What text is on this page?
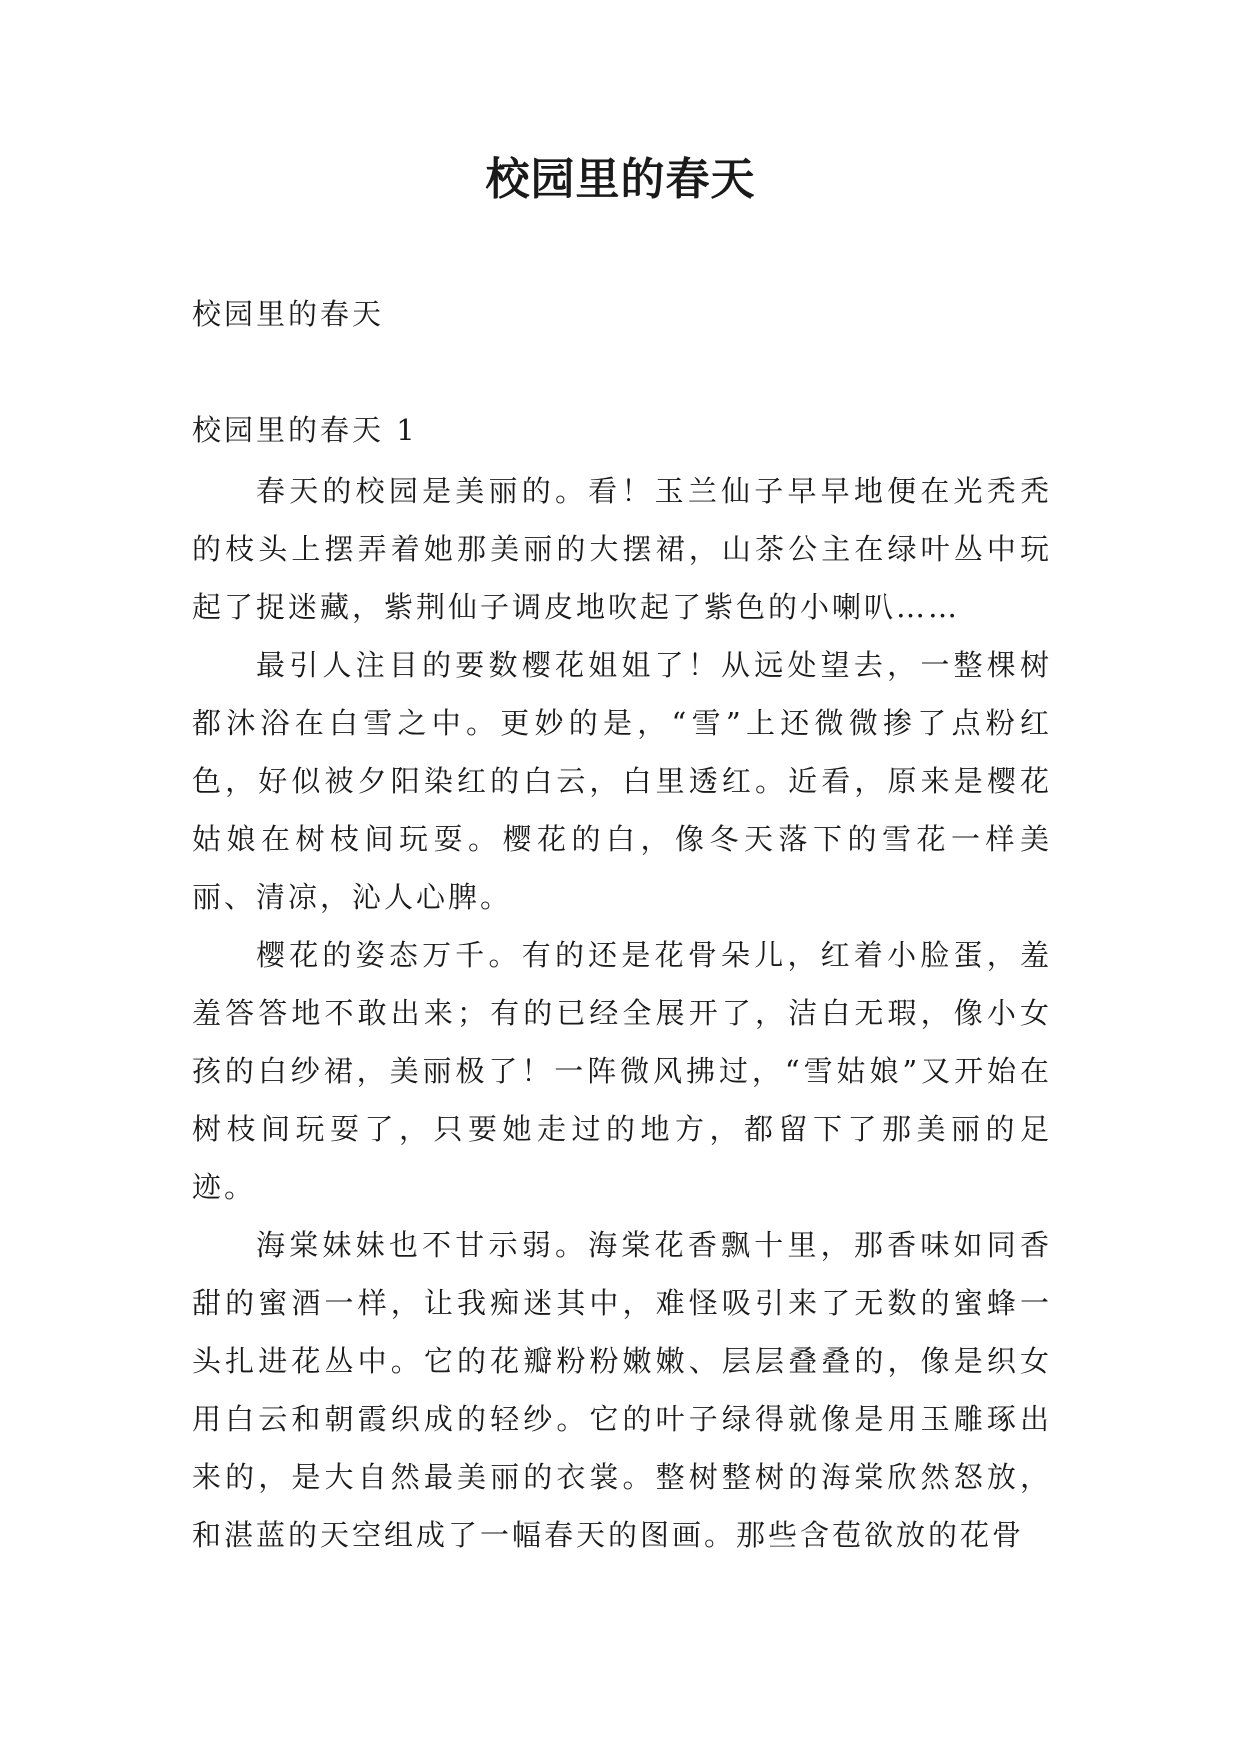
校园里的春天
校园里的春天
校园里的春天 1

春天的校园是美丽的。看！玉兰仙子早早地便在光秃秃的枝头上摆弄着她那美丽的大摆裙，山茶公主在绿叶丛中玩起了捉迷藏，紫荆仙子调皮地吹起了紫色的小喇叭……

最引人注目的要数樱花姐姐了！从远处望去，一整棵树都沐浴在白雪之中。更妙的是，“雪”上还微微掺了点粉红色，好似被夕阳染红的白云，白里透红。近看，原来是樱花姑娘在树枝间玩耍。樱花的白，像冬天落下的雪花一样美丽、清凉，沁人心脾。

樱花的姿态万千。有的还是花骨朵儿，红着小脸蛋，羞羞答答地不敢出来；有的已经全展开了，洁白无瑕，像小女孩的白纱裙，美丽极了！一阵微风拂过，“雪姑娘”又开始在树枝间玩耍了，只要她走过的地方，都留下了那美丽的足迹。

海棠妹妹也不甘示弱。海棠花香飘十里，那香味如同香甜的蜜酒一样，让我痴迷其中，难怪吸引来了无数的蜜蜂一头扎进花丛中。它的花瓣粉粉嫩嫩、层层叠叠的，像是织女用白云和朝霞织成的轻纱。它的叶子绿得就像是用玉雕琢出来的，是大自然最美丽的衣裳。整树整树的海棠欣然怒放，和湛蓝的天空组成了一幅春天的图画。那些含苞欲放的花骨
